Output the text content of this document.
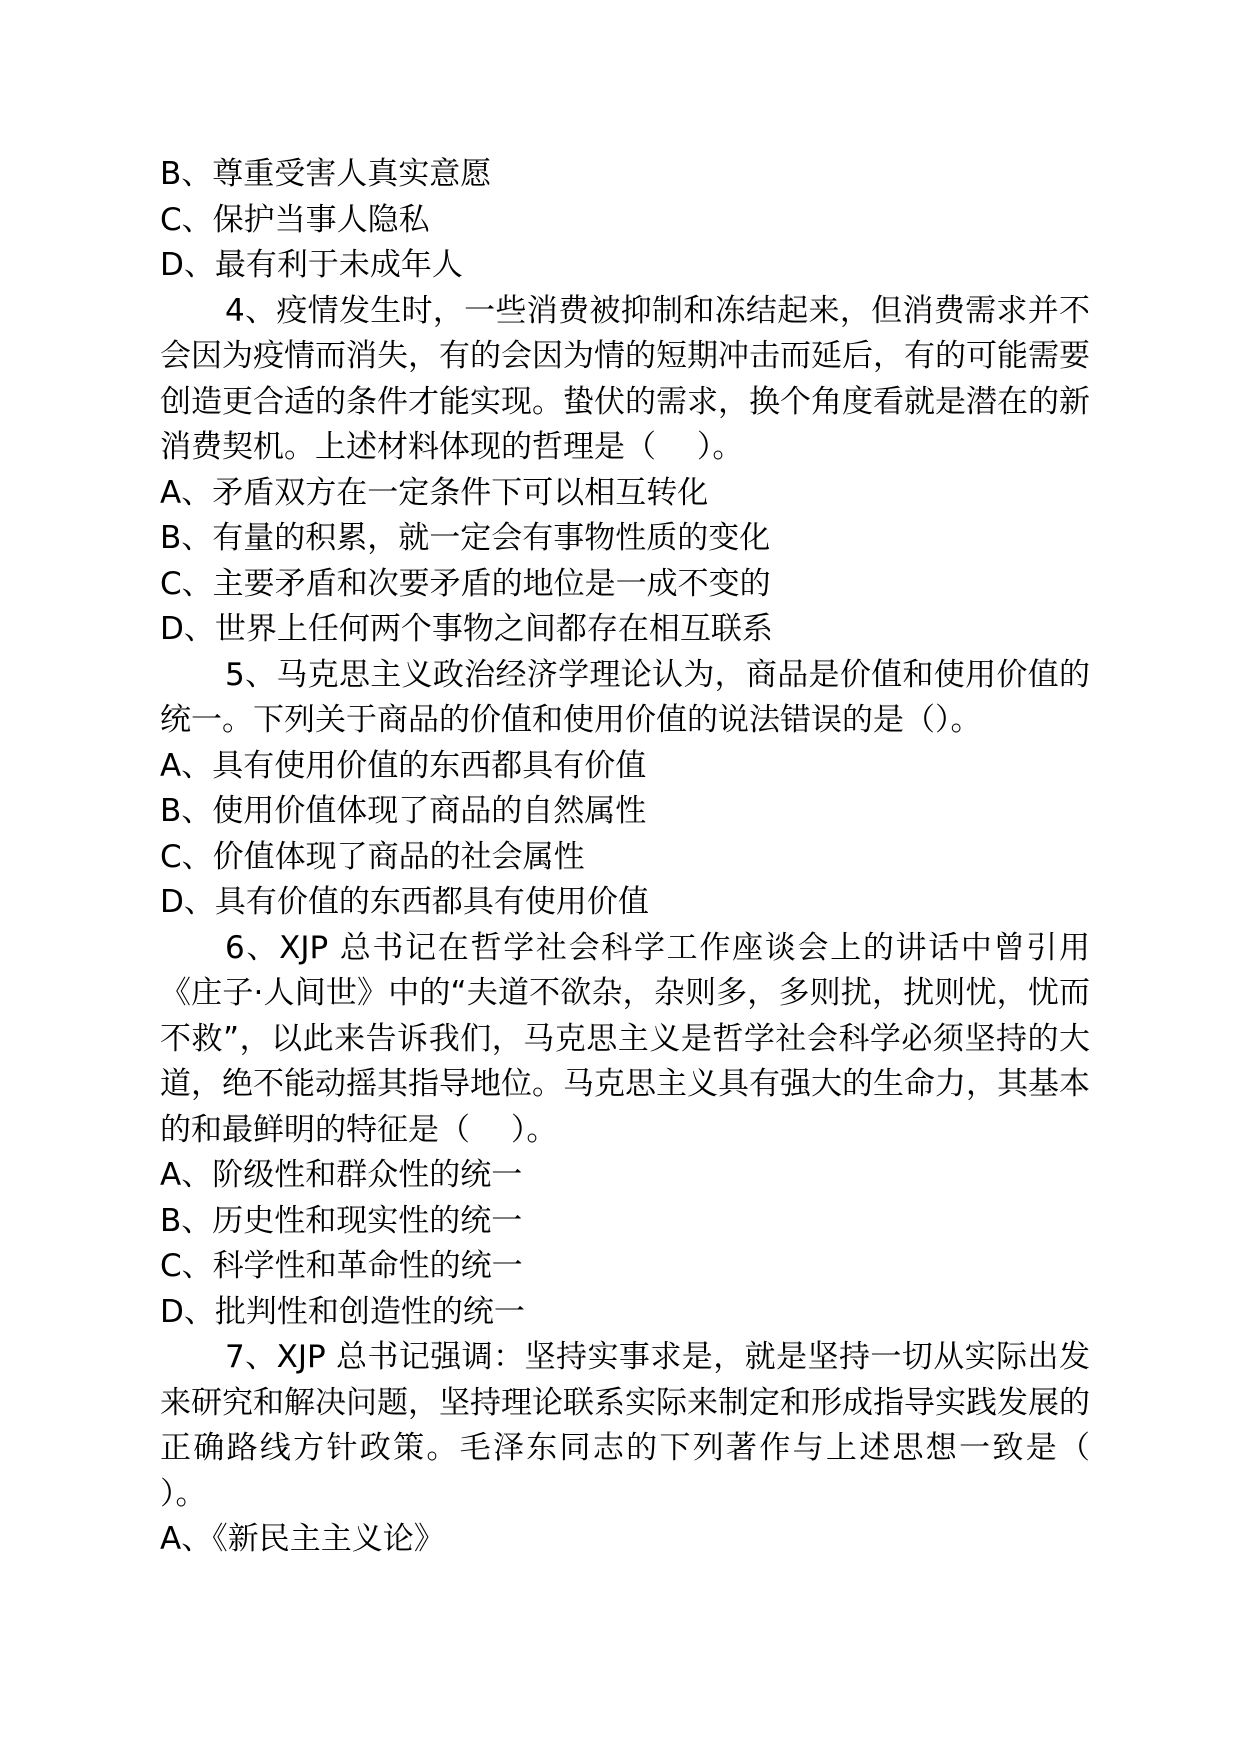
B、尊重受害人真实意愿

C、保护当事人隐私

D、最有利于未成年人

4、疫情发生时，一些消费被抑制和冻结起来，但消费需求并不会因为疫情而消失，有的会因为情的短期冲击而延后，有的可能需要创造更合适的条件才能实现。蛰伏的需求，换个角度看就是潜在的新消费契机。上述材料体现的哲理是（　 ）。

A、矛盾双方在一定条件下可以相互转化

B、有量的积累，就一定会有事物性质的变化

C、主要矛盾和次要矛盾的地位是一成不变的

D、世界上任何两个事物之间都存在相互联系

5、马克思主义政治经济学理论认为，商品是价值和使用价值的统一。下列关于商品的价值和使用价值的说法错误的是（）。

A、具有使用价值的东西都具有价值

B、使用价值体现了商品的自然属性

C、价值体现了商品的社会属性

D、具有价值的东西都具有使用价值

6、XJP 总书记在哲学社会科学工作座谈会上的讲话中曾引用《庄子·人间世》中的“夫道不欲杂，杂则多，多则扰，扰则忧，忧而不救”，以此来告诉我们，马克思主义是哲学社会科学必须坚持的大道，绝不能动摇其指导地位。马克思主义具有强大的生命力，其基本的和最鲜明的特征是（　 ）。

A、阶级性和群众性的统一

B、历史性和现实性的统一

C、科学性和革命性的统一

D、批判性和创造性的统一

7、XJP 总书记强调：坚持实事求是，就是坚持一切从实际出发来研究和解决问题，坚持理论联系实际来制定和形成指导实践发展的正确路线方针政策。毛泽东同志的下列著作与上述思想一致是（　 ）。

A、《新民主主义论》
